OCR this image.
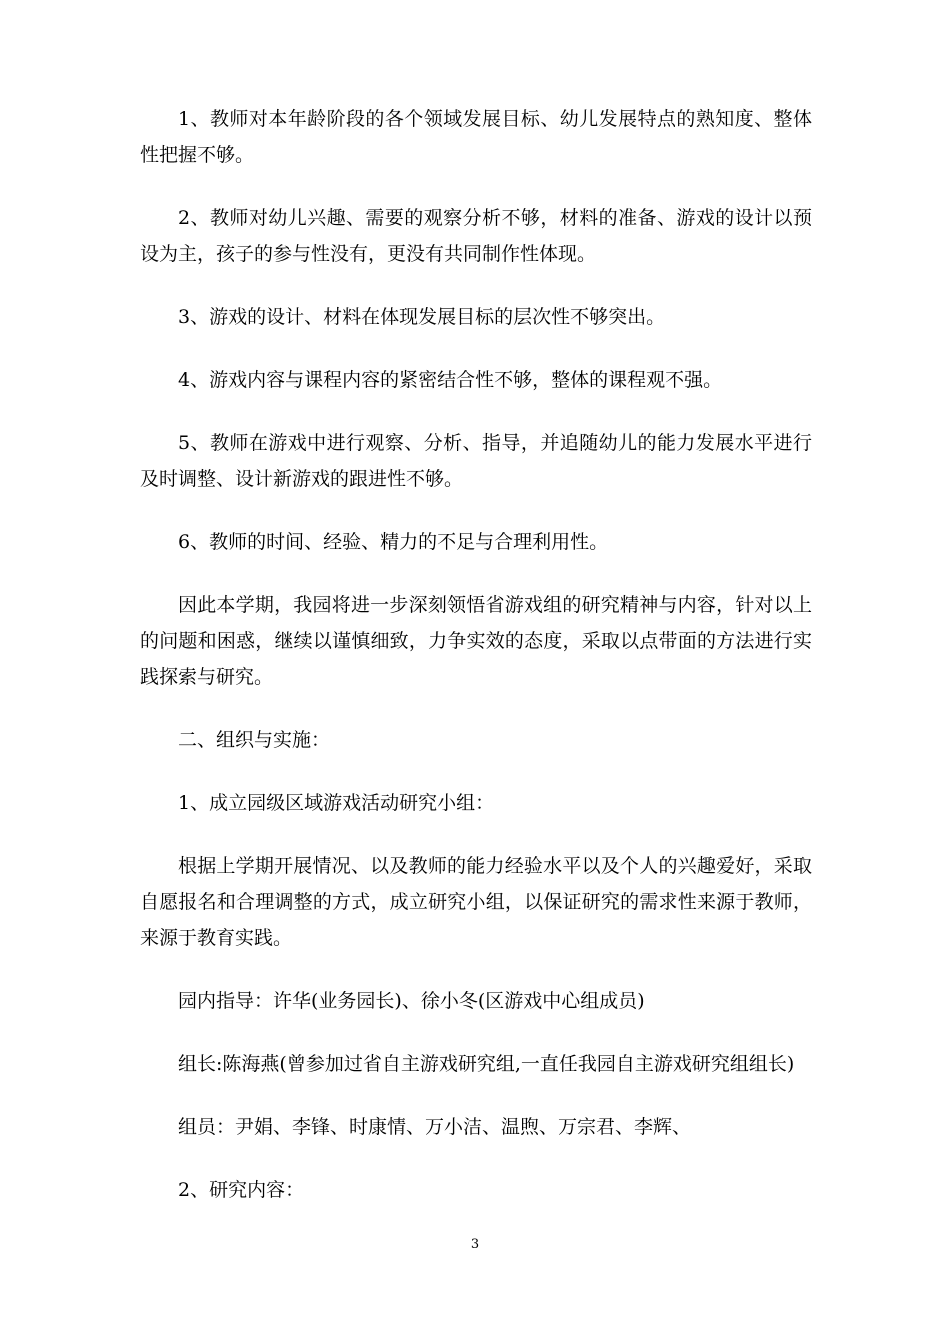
1、教师对本年龄阶段的各个领域发展目标、幼儿发展特点的熟知度、整体性把握不够。

2、教师对幼儿兴趣、需要的观察分析不够，材料的准备、游戏的设计以预设为主，孩子的参与性没有，更没有共同制作性体现。

3、游戏的设计、材料在体现发展目标的层次性不够突出。

4、游戏内容与课程内容的紧密结合性不够，整体的课程观不强。

5、教师在游戏中进行观察、分析、指导，并追随幼儿的能力发展水平进行及时调整、设计新游戏的跟进性不够。

6、教师的时间、经验、精力的不足与合理利用性。

因此本学期，我园将进一步深刻领悟省游戏组的研究精神与内容，针对以上的问题和困惑，继续以谨慎细致，力争实效的态度，采取以点带面的方法进行实践探索与研究。

二、组织与实施：

1、成立园级区域游戏活动研究小组：

根据上学期开展情况、以及教师的能力经验水平以及个人的兴趣爱好，采取自愿报名和合理调整的方式，成立研究小组，以保证研究的需求性来源于教师，来源于教育实践。

园内指导：许华(业务园长)、徐小冬(区游戏中心组成员)

组长:陈海燕(曾参加过省自主游戏研究组,一直任我园自主游戏研究组组长)

组员：尹娟、李锋、时康情、万小洁、温煦、万宗君、李辉、

2、研究内容：

3
